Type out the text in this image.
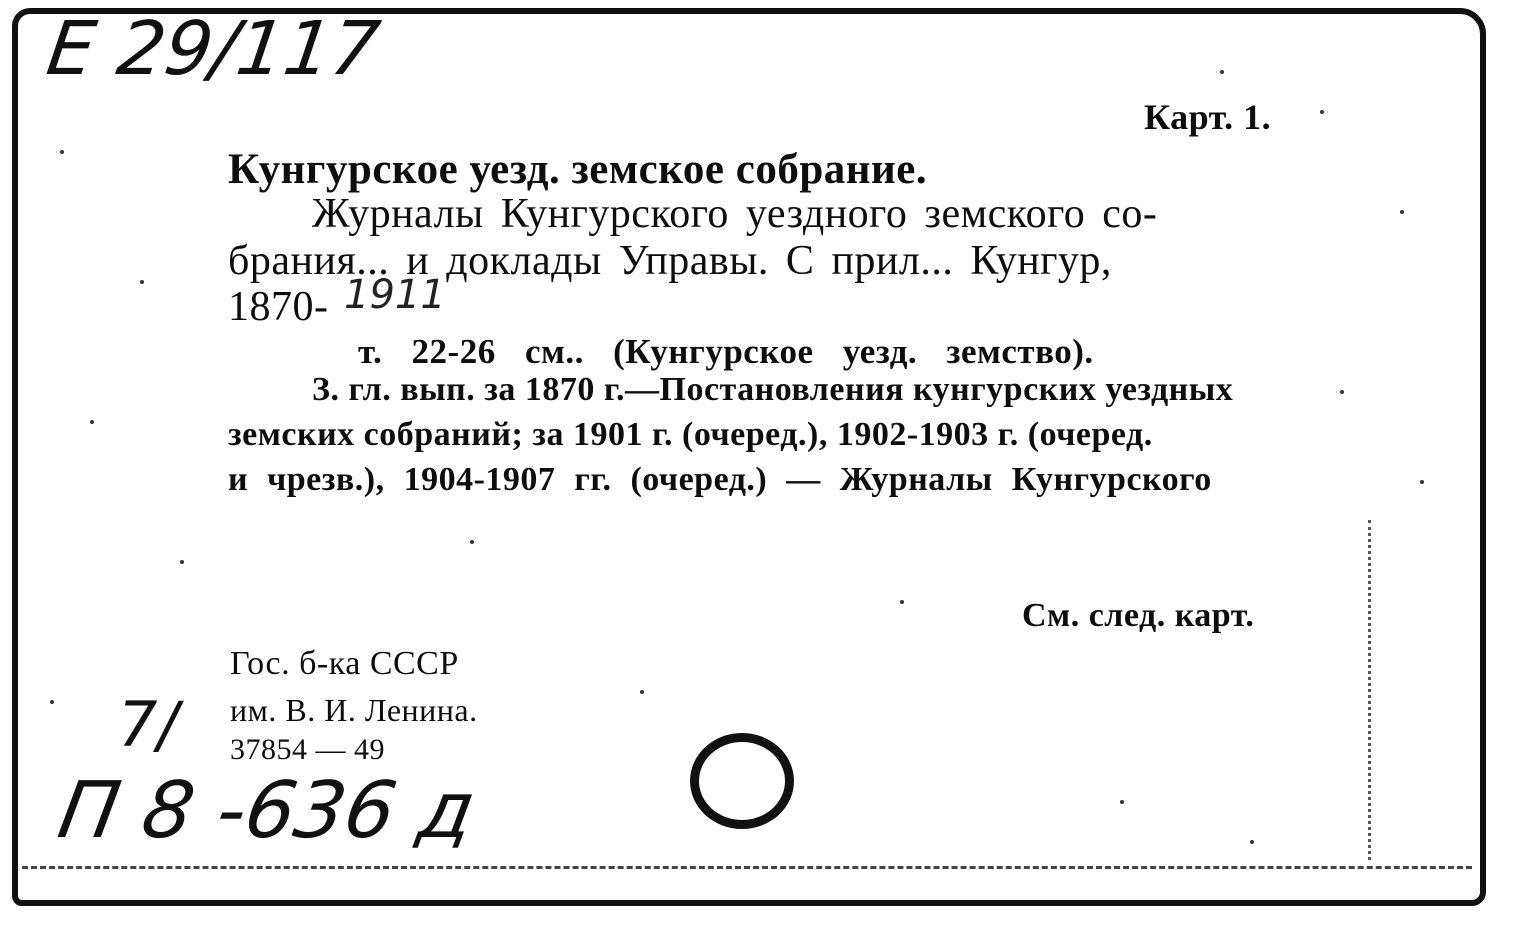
Е 29/117
Карт. 1.
Кунгурское уезд. земское собрание.
Журналы Кунгурского уездного земского со-
брания... и доклады Управы. С прил... Кунгур,
1870- 1911
т. 22-26 см.. (Кунгурское уезд. земство).
З. гл. вып. за 1870 г.—Постановления кунгурских уездных
земских собраний; за 1901 г. (очеред.), 1902-1903 г. (очеред.
и чрезв.), 1904-1907 гг. (очеред.) — Журналы Кунгурского
См. след. карт.
Гос. б-ка СССР
им. В. И. Ленина.
37854 — 49
7/
П 8 -636 д
